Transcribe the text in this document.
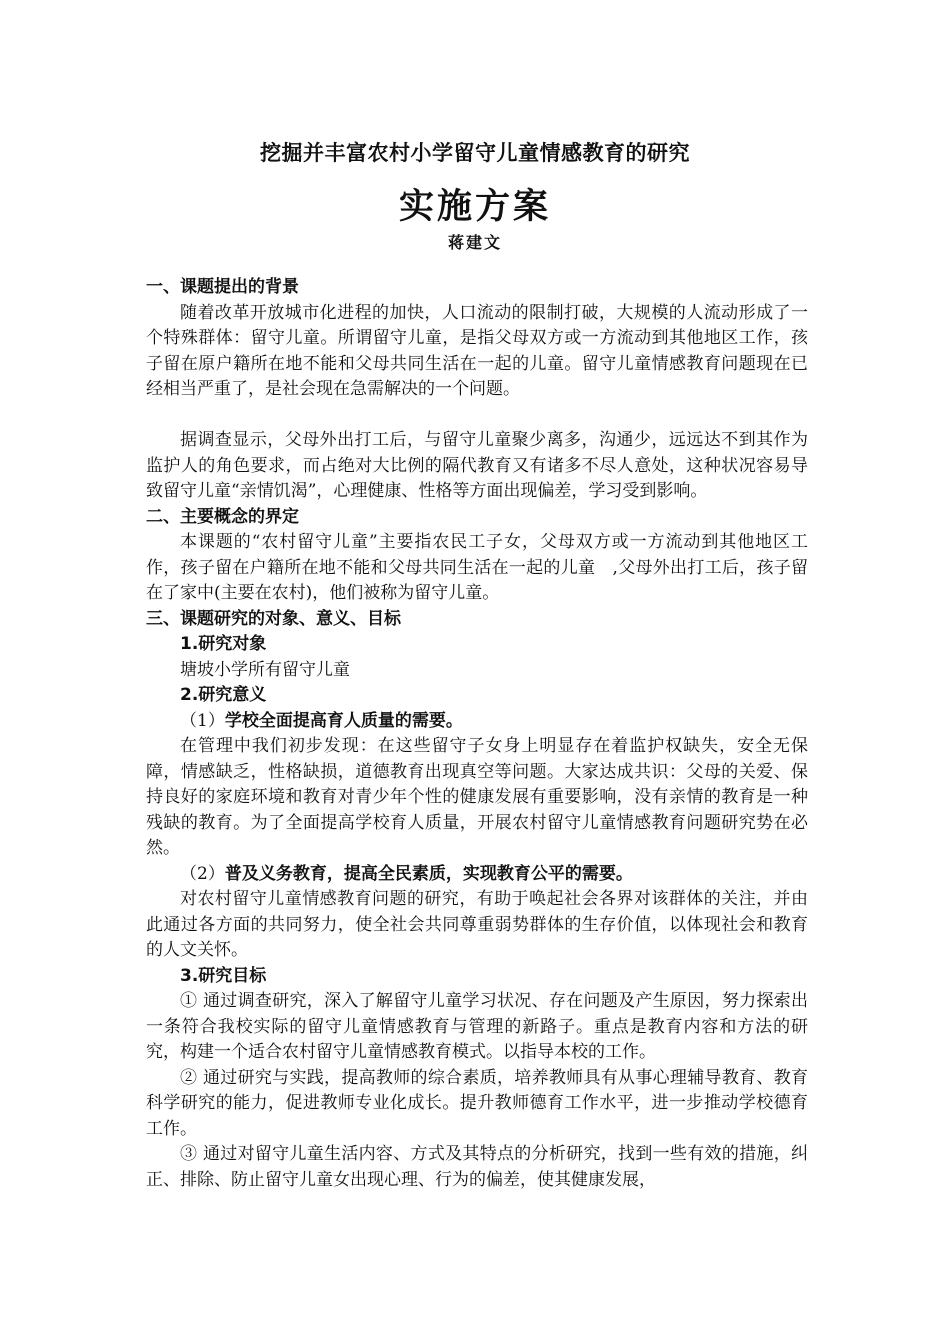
挖掘并丰富农村小学留守儿童情感教育的研究
实施方案
蒋建文

一、课题提出的背景

随着改革开放城市化进程的加快，人口流动的限制打破，大规模的人流动形成了一个特殊群体：留守儿童。所谓留守儿童，是指父母双方或一方流动到其他地区工作，孩子留在原户籍所在地不能和父母共同生活在一起的儿童。留守儿童情感教育问题现在已经相当严重了，是社会现在急需解决的一个问题。

据调查显示，父母外出打工后，与留守儿童聚少离多，沟通少，远远达不到其作为监护人的角色要求，而占绝对大比例的隔代教育又有诸多不尽人意处，这种状况容易导致留守儿童“亲情饥渴”，心理健康、性格等方面出现偏差，学习受到影响。

二、主要概念的界定

本课题的“农村留守儿童”主要指农民工子女，父母双方或一方流动到其他地区工作，孩子留在户籍所在地不能和父母共同生活在一起的儿童　,父母外出打工后，孩子留在了家中(主要在农村)，他们被称为留守儿童。

三、课题研究的对象、意义、目标

1.研究对象

塘坡小学所有留守儿童

2.研究意义

（1）学校全面提高育人质量的需要。

在管理中我们初步发现：在这些留守子女身上明显存在着监护权缺失，安全无保障，情感缺乏，性格缺损，道德教育出现真空等问题。大家达成共识：父母的关爱、保持良好的家庭环境和教育对青少年个性的健康发展有重要影响，没有亲情的教育是一种残缺的教育。为了全面提高学校育人质量，开展农村留守儿童情感教育问题研究势在必然。

（2）普及义务教育，提高全民素质，实现教育公平的需要。

对农村留守儿童情感教育问题的研究，有助于唤起社会各界对该群体的关注，并由此通过各方面的共同努力，使全社会共同尊重弱势群体的生存价值，以体现社会和教育的人文关怀。

3.研究目标

① 通过调查研究，深入了解留守儿童学习状况、存在问题及产生原因，努力探索出一条符合我校实际的留守儿童情感教育与管理的新路子。重点是教育内容和方法的研究，构建一个适合农村留守儿童情感教育模式。以指导本校的工作。

② 通过研究与实践，提高教师的综合素质，培养教师具有从事心理辅导教育、教育科学研究的能力，促进教师专业化成长。提升教师德育工作水平，进一步推动学校德育工作。

③ 通过对留守儿童生活内容、方式及其特点的分析研究，找到一些有效的措施，纠正、排除、防止留守儿童女出现心理、行为的偏差，使其健康发展，
